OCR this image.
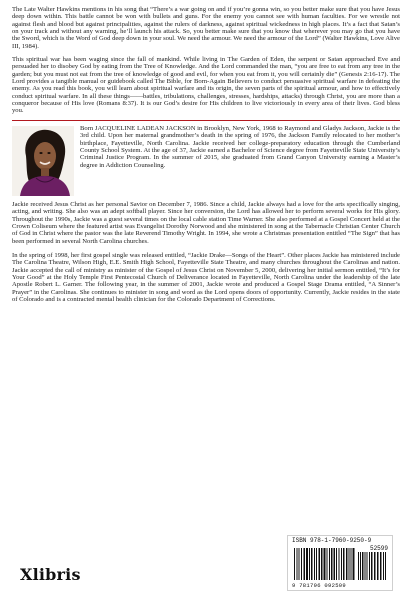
The Late Walter Hawkins mentions in his song that “There’s a war going on and if you’re gonna win, so you better make sure that you have Jesus deep down within. This battle cannot be won with bullets and guns. For the enemy you cannot see with human faculties. For we wrestle not against flesh and blood but against principalities, against the rulers of darkness, against spiritual wickedness in high places. It’s a fact that Satan’s on your track and without any warning, he’ll launch his attack. So, you better make sure that you know that wherever you may go that you have the Sword, which is the Word of God deep down in your soul. We need the armour. We need the armour of the Lord” (Walter Hawkins, Love Alive III, 1984).

This spiritual war has been waging since the fall of mankind. While living in The Garden of Eden, the serpent or Satan approached Eve and persuaded her to disobey God by eating from the Tree of Knowledge. And the Lord commanded the man, “you are free to eat from any tree in the garden; but you must not eat from the tree of knowledge of good and evil, for when you eat from it, you will certainly die” (Genesis 2:16-17). The Lord provides a tangible manual or guidebook called The Bible, for Born-Again Believers to conduct persuasive spiritual warfare in defeating the enemy. As you read this book, you will learn about spiritual warfare and its origin, the seven parts of the spiritual armour, and how to effectively conduct spiritual warfare. In all these things——battles, tribulations, challenges, stresses, hardships, attacks) through Christ, you are more than a conqueror because of His love (Romans 8:37). It is our God’s desire for His children to live victoriously in every area of their lives. God bless you.

Born JACQUELINE LADEAN JACKSON in Brooklyn, New York, 1968 to Raymond and Gladys Jackson, Jackie is the 3rd child. Upon her maternal grandmother’s death in the spring of 1976, the Jackson Family relocated to her mother’s birthplace, Fayetteville, North Carolina. Jackie received her college-preparatory education through the Cumberland County School System. At the age of 37, Jackie earned a Bachelor of Science degree from Fayetteville State University’s Criminal Justice Program. In the summer of 2015, she graduated from Grand Canyon University earning a Master’s degree in Addiction Counseling.

Jackie received Jesus Christ as her personal Savior on December 7, 1986. Since a child, Jackie always had a love for the arts specifically singing, acting, and writing. She also was an adept softball player. Since her conversion, the Lord has allowed her to perform several works for His glory. Throughout the 1990s, Jackie was a guest several times on the local cable station Time Warner. She also performed at a Gospel Concert held at the Crown Coliseum where the featured artist was Evangelist Dorothy Norwood and she ministered in song at the Tabernacle Christian Center Church of God in Christ where the pastor was the late Reverend Timothy Wright. In 1994, she wrote a Christmas presentation entitled “The Sign” that has been performed in several North Carolina churches.

In the spring of 1998, her first gospel single was released entitled, “Jackie Drake—Songs of the Heart”. Other places Jackie has ministered include The Carolina Theatre, Wilson High, E.E. Smith High School, Fayetteville State Theatre, and many churches throughout the Carolinas and nation. Jackie accepted the call of ministry as minister of the Gospel of Jesus Christ on November 5, 2000, delivering her initial sermon entitled, “It’s for Your Good” at the Holy Temple First Pentecostal Church of Deliverance located in Fayetteville, North Carolina under the leadership of the late Apostle Robert L. Garner. The following year, in the summer of 2001, Jackie wrote and produced a Gospel Stage Drama entitled, “A Sinner’s Prayer” in the Carolinas. She continues to minister in song and word as the Lord opens doors of opportunity. Currently, Jackie resides in the state of Colorado and is a contracted mental health clinician for the Colorado Department of Corrections.

Xlibris
ISBN 978-1-7960-9250-9
52599
9 781796 092509
